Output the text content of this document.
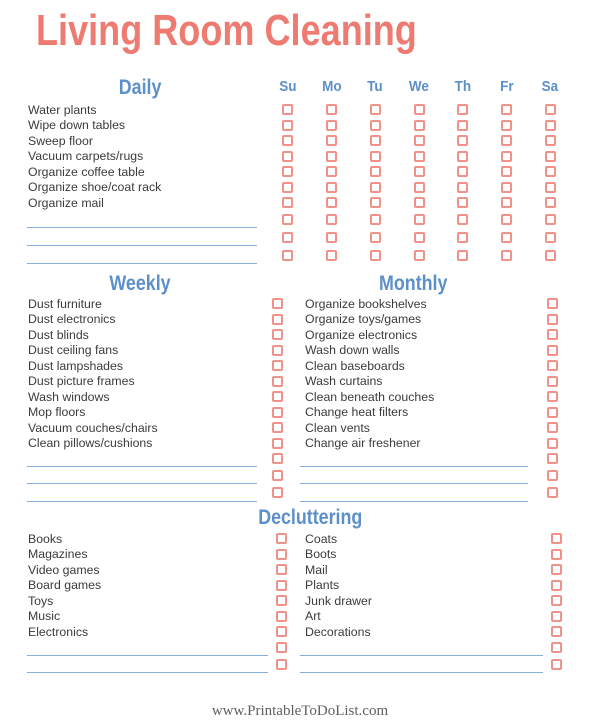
Living Room Cleaning
Daily	Su	Mo	Tu	We	Th	Fr	Sa
Water plants
Wipe down tables
Sweep floor
Vacuum carpets/rugs
Organize coffee table
Organize shoe/coat rack
Organize mail
Weekly	Monthly
Dust furniture
Dust electronics
Dust blinds
Dust ceiling fans
Dust lampshades
Dust picture frames
Wash windows
Mop floors
Vacuum couches/chairs
Clean pillows/cushions
Organize bookshelves
Organize toys/games
Organize electronics
Wash down walls
Clean baseboards
Wash curtains
Clean beneath couches
Change heat filters
Clean vents
Change air freshener
Decluttering
Books
Magazines
Video games
Board games
Toys
Music
Electronics
Coats
Boots
Mail
Plants
Junk drawer
Art
Decorations
www.PrintableToDoList.com
